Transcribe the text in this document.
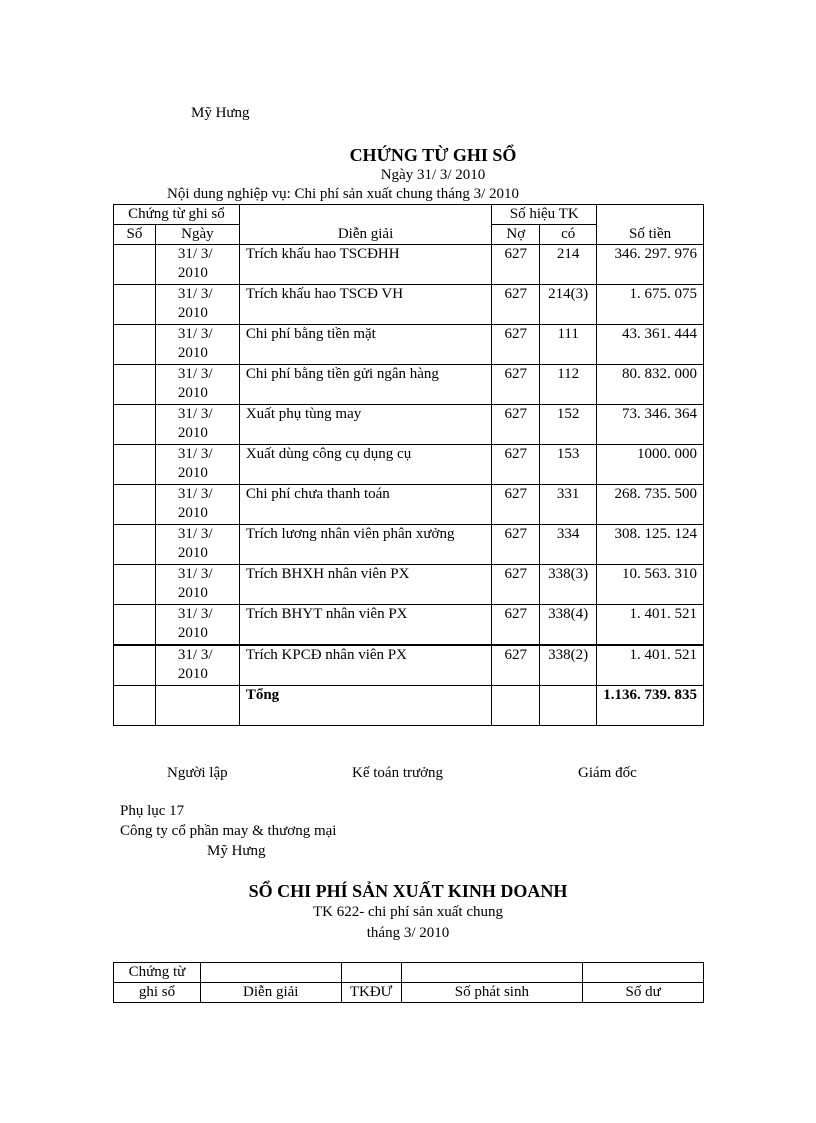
Mỹ Hưng
CHỨNG TỪ GHI SỔ
Ngày 31/ 3/ 2010
Nội dung nghiệp vụ: Chi phí sản xuất chung tháng 3/ 2010
Chứng từ ghi sổ		Diễn giải	Số hiệu TK		Số tiền
Số	Ngày		Nợ	có	
	31/ 3/ 2010	Trích khấu hao TSCĐHH	627	214	346. 297. 976
	31/ 3/ 2010	Trích khấu hao TSCĐ VH	627	214(3)	1. 675. 075
	31/ 3/ 2010	Chi phí bằng tiền mặt	627	111	43. 361. 444
	31/ 3/ 2010	Chi phí bằng tiền gửi ngân hàng	627	112	80. 832. 000
	31/ 3/ 2010	Xuất phụ tùng may	627	152	73. 346. 364
	31/ 3/ 2010	Xuất dùng công cụ dụng cụ	627	153	1000. 000
	31/ 3/ 2010	Chi phí chưa thanh toán	627	331	268. 735. 500
	31/ 3/ 2010	Trích lương nhân viên phân xưởng	627	334	308. 125. 124
	31/ 3/ 2010	Trích BHXH nhân viên PX	627	338(3)	10. 563. 310
	31/ 3/ 2010	Trích BHYT nhân viên PX	627	338(4)	1. 401. 521
	31/ 3/ 2010	Trích KPCĐ nhân viên PX	627	338(2)	1. 401. 521
		Tổng			1.136. 739. 835
Người lập	Kế toán trưởng	Giám đốc
Phụ lục 17
Công ty cổ phần may & thương mại
Mỹ Hưng
SỔ CHI PHÍ SẢN XUẤT KINH DOANH
TK 622- chi phí sản xuất chung
tháng 3/ 2010
Chứng từ				
ghi sổ	Diễn giải	TKĐƯ	Số phát sinh	Số dư
